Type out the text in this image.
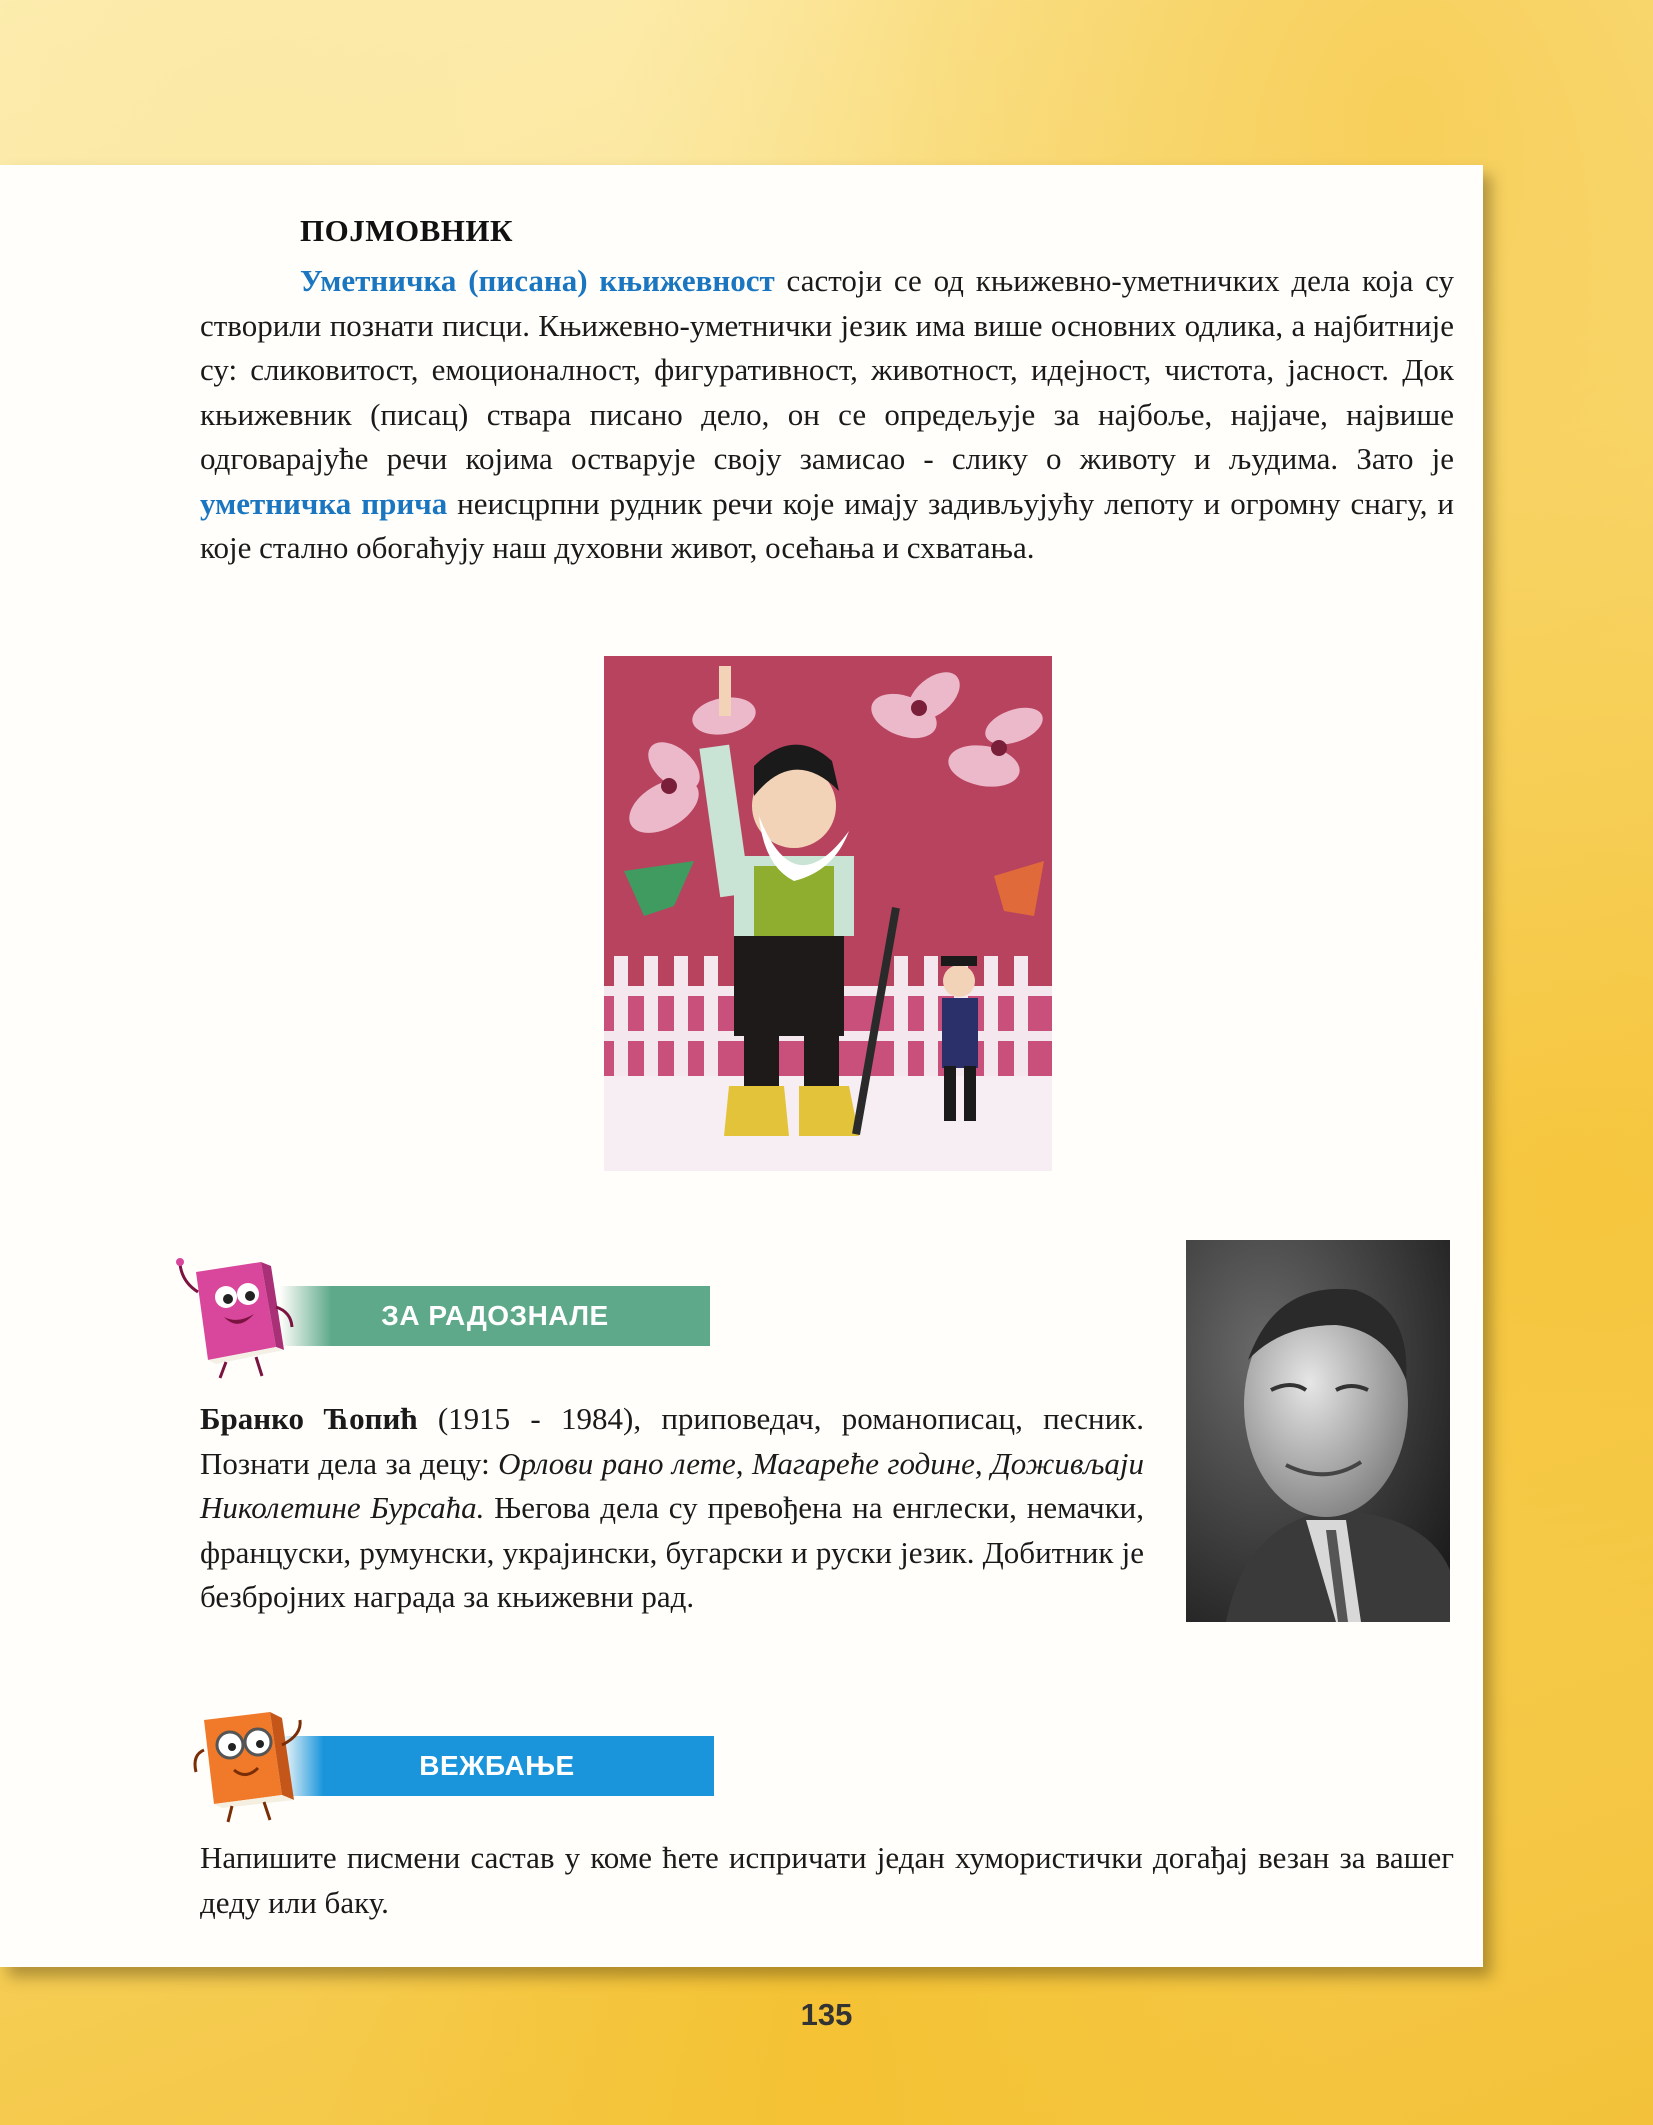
ПОЈМОВНИК
Уметничка (писана) књижевност састоји се од књижевно-уметничких дела која су створили познати писци. Књижевно-уметнички језик има више основних одлика, а најбитније су: сликовитост, емоционалност, фигуративност, животност, идејност, чистота, јасност. Док књижевник (писац) ствара писано дело, он се опредељује за најбоље, најјаче, највише одговарајуће речи којима остварује своју замисао - слику о животу и људима. Зато је уметничка прича неисцрпни рудник речи које имају задивљујућу лепоту и огромну снагу, и које стално обогаћују наш духовни живот, осећања и схватања.
ЗА РАДОЗНАЛЕ
Бранко Ћопић (1915 - 1984), приповедач, романописац, песник. Познати дела за децу: Орлови рано лете, Магареће године, Доживљаји Николетине Бурсаћа. Његова дела су превођена на енглески, немачки, француски, румунски, украјински, бугарски и руски језик. Добитник је безбројних награда за књижевни рад.
ВЕЖБАЊЕ
Напишите писмени састав у коме ћете испричати један хумористички догађај везан за вашег деду или баку.
135
